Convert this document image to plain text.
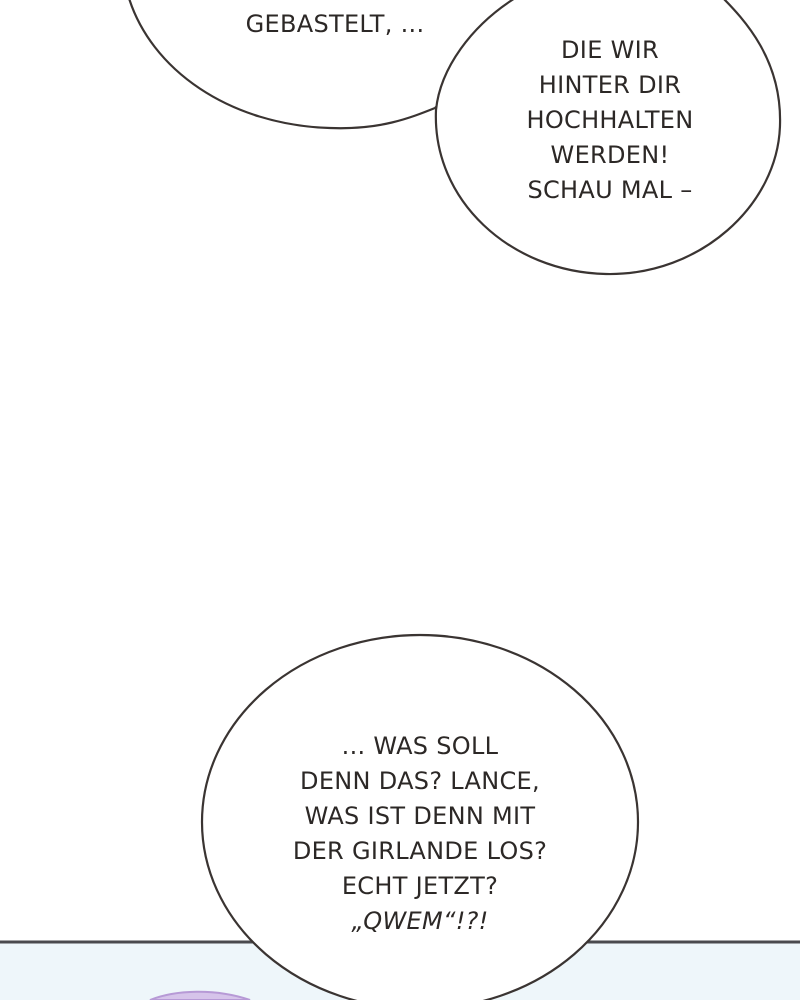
GEBASTELT, ...
DIE WIR
HINTER DIR
HOCHHALTEN
WERDEN!
SCHAU MAL –
... WAS SOLL
DENN DAS? LANCE,
WAS IST DENN MIT
DER GIRLANDE LOS?
ECHT JETZT?
„QWEM“!?!
